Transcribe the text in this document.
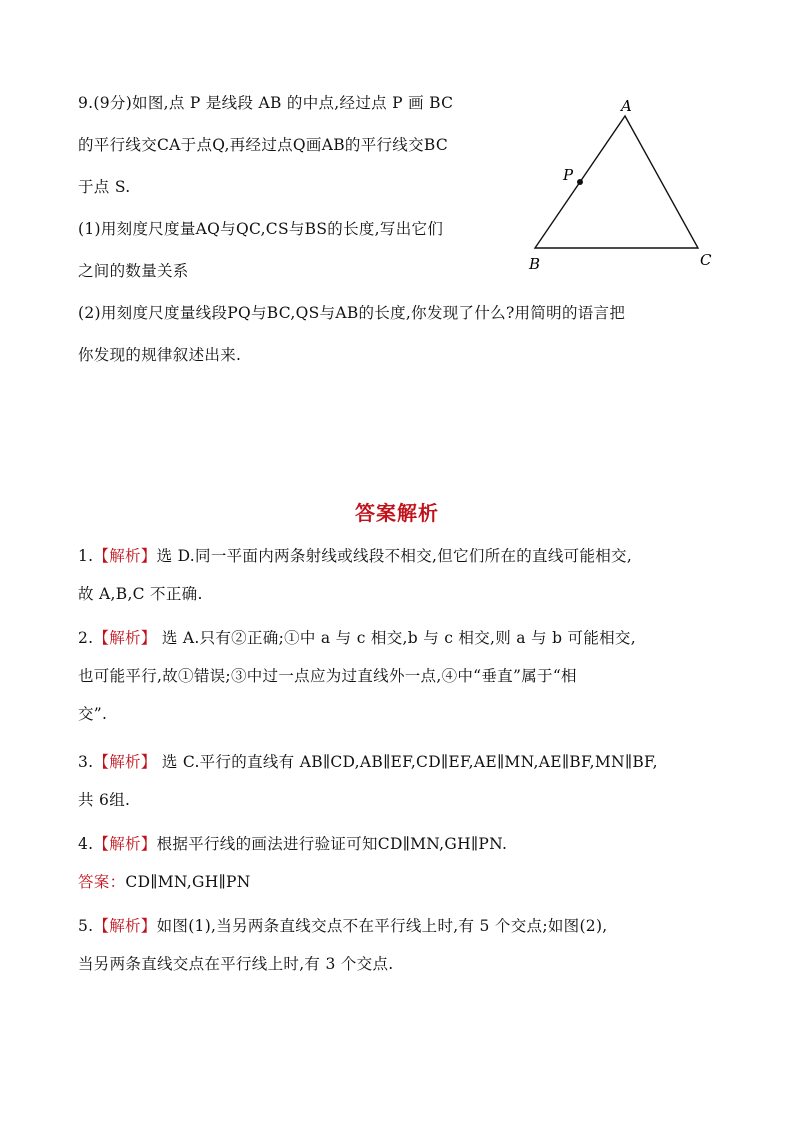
9.(9分)如图,点 P 是线段 AB 的中点,经过点 P 画 BC
的平行线交CA于点Q,再经过点Q画AB的平行线交BC
于点 S.
(1)用刻度尺度量AQ与QC,CS与BS的长度,写出它们
之间的数量关系
(2)用刻度尺度量线段PQ与BC,QS与AB的长度,你发现了什么?用简明的语言把
你发现的规律叙述出来.
A
P
B	C
答案解析
1.【解析】选 D.同一平面内两条射线或线段不相交,但它们所在的直线可能相交,
故 A,B,C 不正确.
2.【解析】 选 A.只有②正确;①中 a 与 c 相交,b 与 c 相交,则 a 与 b 可能相交,
也可能平行,故①错误;③中过一点应为过直线外一点,④中“垂直”属于“相
交”.
3.【解析】 选 C.平行的直线有 AB∥CD,AB∥EF,CD∥EF,AE∥MN,AE∥BF,MN∥BF,
共 6组.
4.【解析】根据平行线的画法进行验证可知CD∥MN,GH∥PN.
答案：CD∥MN,GH∥PN
5.【解析】如图(1),当另两条直线交点不在平行线上时,有 5 个交点;如图(2),
当另两条直线交点在平行线上时,有 3 个交点.
